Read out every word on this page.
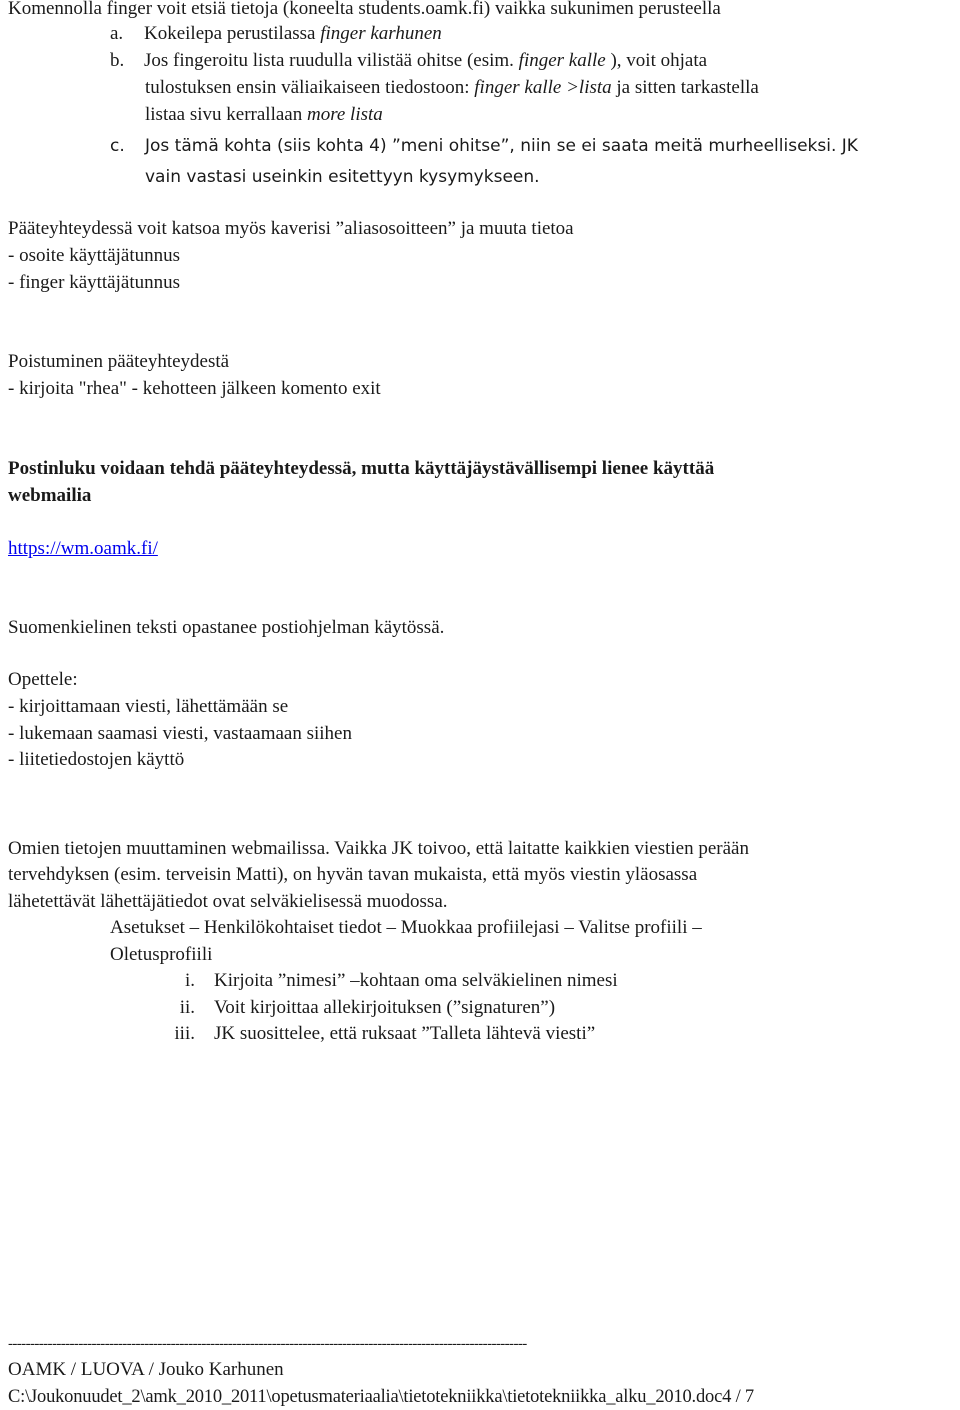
Komennolla finger voit etsiä tietoja (koneelta students.oamk.fi) vaikka sukunimen perusteella
a. Kokeilepa perustilassa finger karhunen
b. Jos fingeroitu lista ruudulla vilistää ohitse (esim. finger kalle ), voit ohjata
tulostuksen ensin väliaikaiseen tiedostoon: finger kalle >lista ja sitten tarkastella
listaa sivu kerrallaan more lista
c. Jos tämä kohta (siis kohta 4) ”meni ohitse”, niin se ei saata meitä murheelliseksi. JK
vain vastasi useinkin esitettyyn kysymykseen.
Pääteyhteydessä voit katsoa myös kaverisi ”aliasosoitteen” ja muuta tietoa
- osoite käyttäjätunnus
- finger käyttäjätunnus
Poistuminen pääteyhteydestä
- kirjoita "rhea" - kehotteen jälkeen komento exit
Postinluku voidaan tehdä pääteyhteydessä, mutta käyttäjäystävällisempi lienee käyttää
webmailia
https://wm.oamk.fi/
Suomenkielinen teksti opastanee postiohjelman käytössä.
Opettele:
- kirjoittamaan viesti, lähettämään se
- lukemaan saamasi viesti, vastaamaan siihen
- liitetiedostojen käyttö
Omien tietojen muuttaminen webmailissa. Vaikka JK toivoo, että laitatte kaikkien viestien perään
tervehdyksen (esim. terveisin Matti), on hyvän tavan mukaista, että myös viestin yläosassa
lähetettävät lähettäjätiedot ovat selväkielisessä muodossa.
Asetukset – Henkilökohtaiset tiedot – Muokkaa profiilejasi – Valitse profiili –
Oletusprofiili
i. Kirjoita ”nimesi” –kohtaan oma selväkielinen nimesi
ii. Voit kirjoittaa allekirjoituksen (”signaturen”)
iii. JK suosittelee, että ruksaat ”Talleta lähtevä viesti”
----------------------------------------------------------------------------------------------------------------------
OAMK / LUOVA / Jouko Karhunen
C:\Joukonuudet_2\amk_2010_2011\opetusmateriaalia\tietotekniikka\tietotekniikka_alku_2010.doc4 / 7
